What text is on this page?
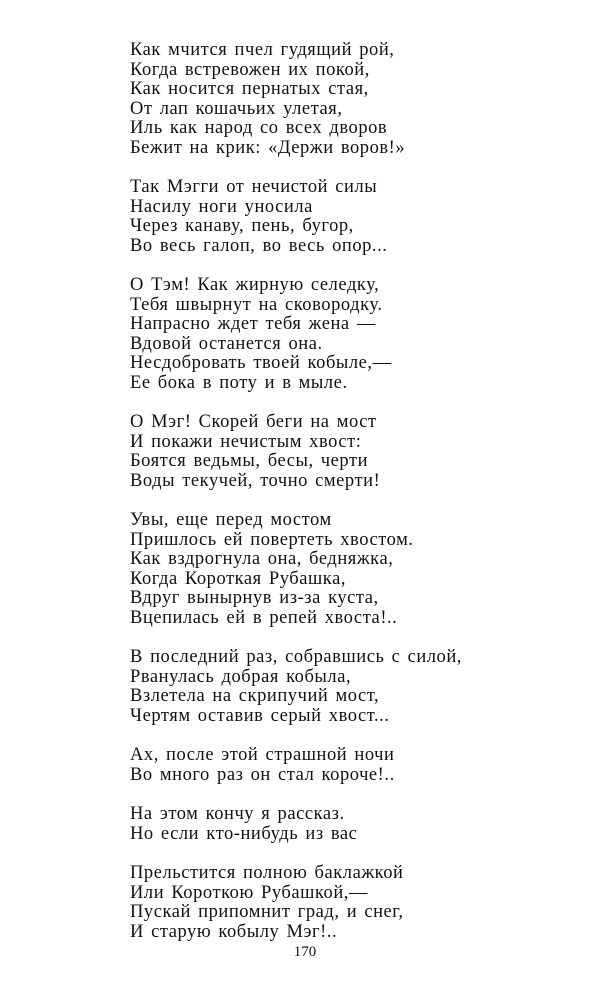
Как мчится пчел гудящий рой,
Когда встревожен их покой,
Как носится пернатых стая,
От лап кошачьих улетая,
Иль как народ со всех дворов
Бежит на крик: «Держи воров!»
Так Мэгги от нечистой силы
Насилу ноги уносила
Через канаву, пень, бугор,
Во весь галоп, во весь опор...
О Тэм! Как жирную селедку,
Тебя швырнут на сковородку.
Напрасно ждет тебя жена —
Вдовой останется она.
Несдобровать твоей кобыле,—
Ее бока в поту и в мыле.
О Мэг! Скорей беги на мост
И покажи нечистым хвост:
Боятся ведьмы, бесы, черти
Воды текучей, точно смерти!
Увы, еще перед мостом
Пришлось ей повертеть хвостом.
Как вздрогнула она, бедняжка,
Когда Короткая Рубашка,
Вдруг вынырнув из-за куста,
Вцепилась ей в репей хвоста!..
В последний раз, собравшись с силой,
Рванулась добрая кобыла,
Взлетела на скрипучий мост,
Чертям оставив серый хвост...
Ах, после этой страшной ночи
Во много раз он стал короче!..
На этом кончу я рассказ.
Но если кто-нибудь из вас
Прельстится полною баклажкой
Или Короткою Рубашкой,—
Пускай припомнит град, и снег,
И старую кобылу Мэг!..
170
